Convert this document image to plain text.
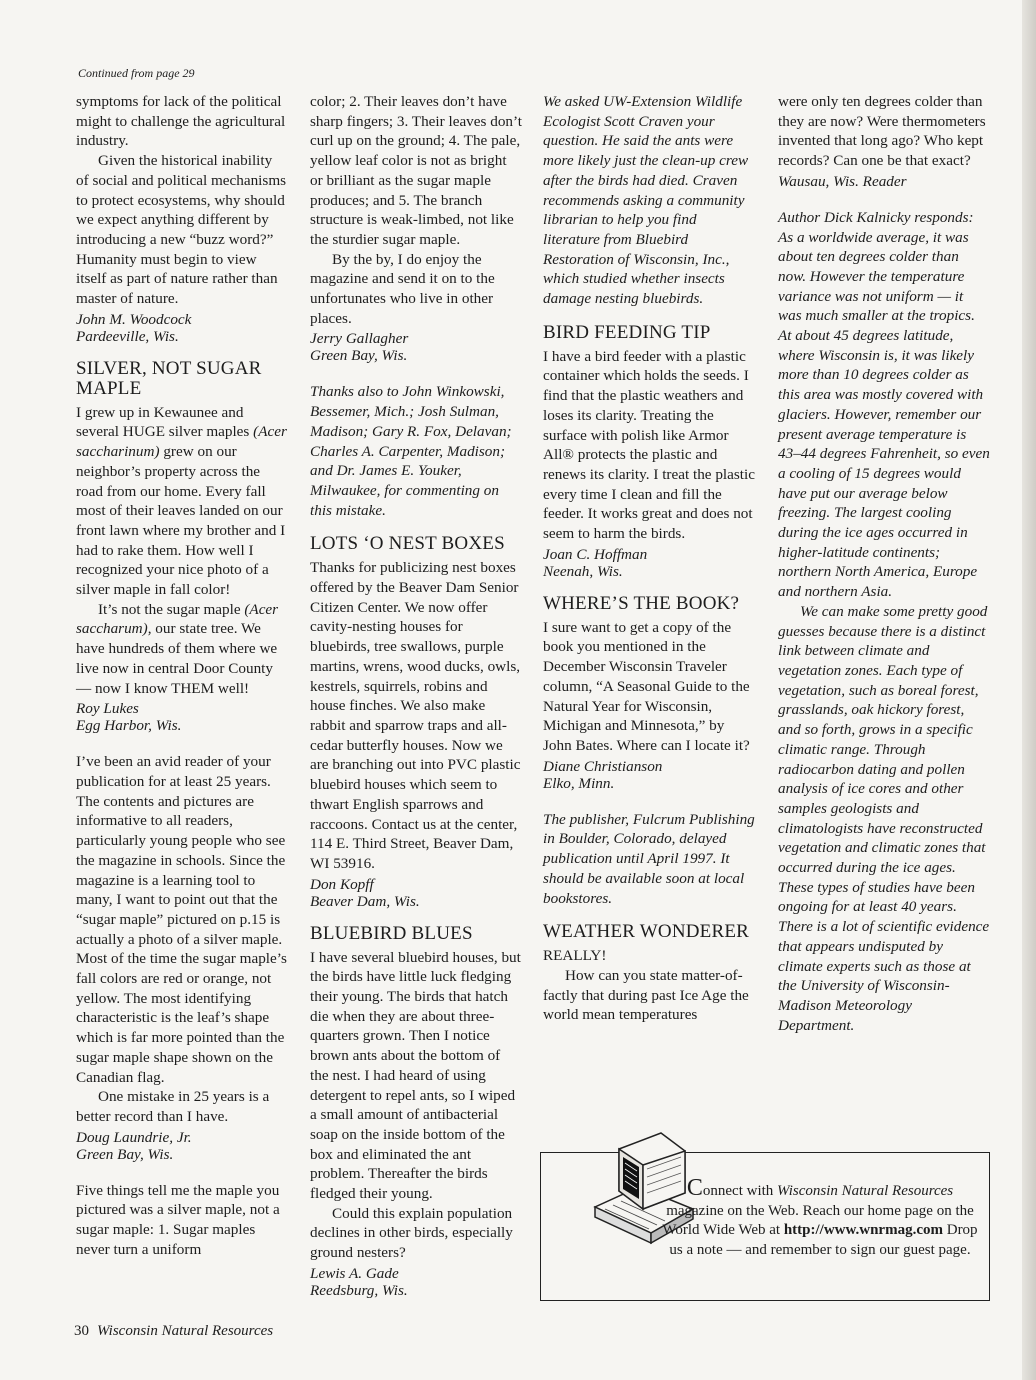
Continued from page 29

symptoms for lack of the political might to challenge the agricultural industry.

Given the historical inability of social and political mechanisms to protect ecosystems, why should we expect anything different by introducing a new “buzz word?” Humanity must begin to view itself as part of nature rather than master of nature.

John M. Woodcock
Pardeeville, Wis.
SILVER, NOT SUGAR MAPLE

I grew up in Kewaunee and several HUGE silver maples (Acer saccharinum) grew on our neighbor’s property across the road from our home. Every fall most of their leaves landed on our front lawn where my brother and I had to rake them. How well I recognized your nice photo of a silver maple in fall color!

It’s not the sugar maple (Acer saccharum), our state tree. We have hundreds of them where we live now in central Door County — now I know THEM well!

Roy Lukes
Egg Harbor, Wis.

I’ve been an avid reader of your publication for at least 25 years. The contents and pictures are informative to all readers, particularly young people who see the magazine in schools. Since the magazine is a learning tool to many, I want to point out that the “sugar maple” pictured on p.15 is actually a photo of a silver maple. Most of the time the sugar maple’s fall colors are red or orange, not yellow. The most identifying characteristic is the leaf’s shape which is far more pointed than the sugar maple shape shown on the Canadian flag.

One mistake in 25 years is a better record than I have.

Doug Laundrie, Jr.
Green Bay, Wis.

Five things tell me the maple you pictured was a silver maple, not a sugar maple: 1. Sugar maples never turn a uniform

color; 2. Their leaves don’t have sharp fingers; 3. Their leaves don’t curl up on the ground; 4. The pale, yellow leaf color is not as bright or brilliant as the sugar maple produces; and 5. The branch structure is weak-limbed, not like the sturdier sugar maple.

By the by, I do enjoy the magazine and send it on to the unfortunates who live in other places.

Jerry Gallagher
Green Bay, Wis.

Thanks also to John Winkowski, Bessemer, Mich.; Josh Sulman, Madison; Gary R. Fox, Delavan; Charles A. Carpenter, Madison; and Dr. James E. Youker, Milwaukee, for commenting on this mistake.

LOTS ‘O NEST BOXES

Thanks for publicizing nest boxes offered by the Beaver Dam Senior Citizen Center. We now offer cavity-nesting houses for bluebirds, tree swallows, purple martins, wrens, wood ducks, owls, kestrels, squirrels, robins and house finches. We also make rabbit and sparrow traps and all-cedar butterfly houses. Now we are branching out into PVC plastic bluebird houses which seem to thwart English sparrows and raccoons. Contact us at the center, 114 E. Third Street, Beaver Dam, WI 53916.

Don Kopff
Beaver Dam, Wis.
BLUEBIRD BLUES

I have several bluebird houses, but the birds have little luck fledging their young. The birds that hatch die when they are about three-quarters grown. Then I notice brown ants about the bottom of the nest. I had heard of using detergent to repel ants, so I wiped a small amount of antibacterial soap on the inside bottom of the box and eliminated the ant problem. Thereafter the birds fledged their young.

Could this explain population declines in other birds, especially ground nesters?

Lewis A. Gade
Reedsburg, Wis.

We asked UW-Extension Wildlife Ecologist Scott Craven your question. He said the ants were more likely just the clean-up crew after the birds had died. Craven recommends asking a community librarian to help you find literature from Bluebird Restoration of Wisconsin, Inc., which studied whether insects damage nesting bluebirds.

BIRD FEEDING TIP

I have a bird feeder with a plastic container which holds the seeds. I find that the plastic weathers and loses its clarity. Treating the surface with polish like Armor All® protects the plastic and renews its clarity. I treat the plastic every time I clean and fill the feeder. It works great and does not seem to harm the birds.

Joan C. Hoffman
Neenah, Wis.
WHERE’S THE BOOK?

I sure want to get a copy of the book you mentioned in the December Wisconsin Traveler column, “A Seasonal Guide to the Natural Year for Wisconsin, Michigan and Minnesota,” by John Bates. Where can I locate it?

Diane Christianson
Elko, Minn.

The publisher, Fulcrum Publishing in Boulder, Colorado, delayed publication until April 1997. It should be available soon at local bookstores.

WEATHER WONDERER

REALLY!

How can you state matter-of-factly that during past Ice Age the world mean temperatures

were only ten degrees colder than they are now? Were thermometers invented that long ago? Who kept records? Can one be that exact?

Wausau, Wis. Reader

Author Dick Kalnicky responds: As a worldwide average, it was about ten degrees colder than now. However the temperature variance was not uniform — it was much smaller at the tropics. At about 45 degrees latitude, where Wisconsin is, it was likely more than 10 degrees colder as this area was mostly covered with glaciers. However, remember our present average temperature is 43–44 degrees Fahrenheit, so even a cooling of 15 degrees would have put our average below freezing. The largest cooling during the ice ages occurred in higher-latitude continents; northern North America, Europe and northern Asia.

We can make some pretty good guesses because there is a distinct link between climate and vegetation zones. Each type of vegetation, such as boreal forest, grasslands, oak hickory forest, and so forth, grows in a specific climatic range. Through radiocarbon dating and pollen analysis of ice cores and other samples geologists and climatologists have reconstructed vegetation and climatic zones that occurred during the ice ages. These types of studies have been ongoing for at least 40 years. There is a lot of scientific evidence that appears undisputed by climate experts such as those at the University of Wisconsin-Madison Meteorology Department.

Connect with Wisconsin Natural Resources magazine on the Web. Reach our home page on the World Wide Web at http://www.wnrmag.com Drop us a note — and remember to sign our guest page.
30 Wisconsin Natural Resources
